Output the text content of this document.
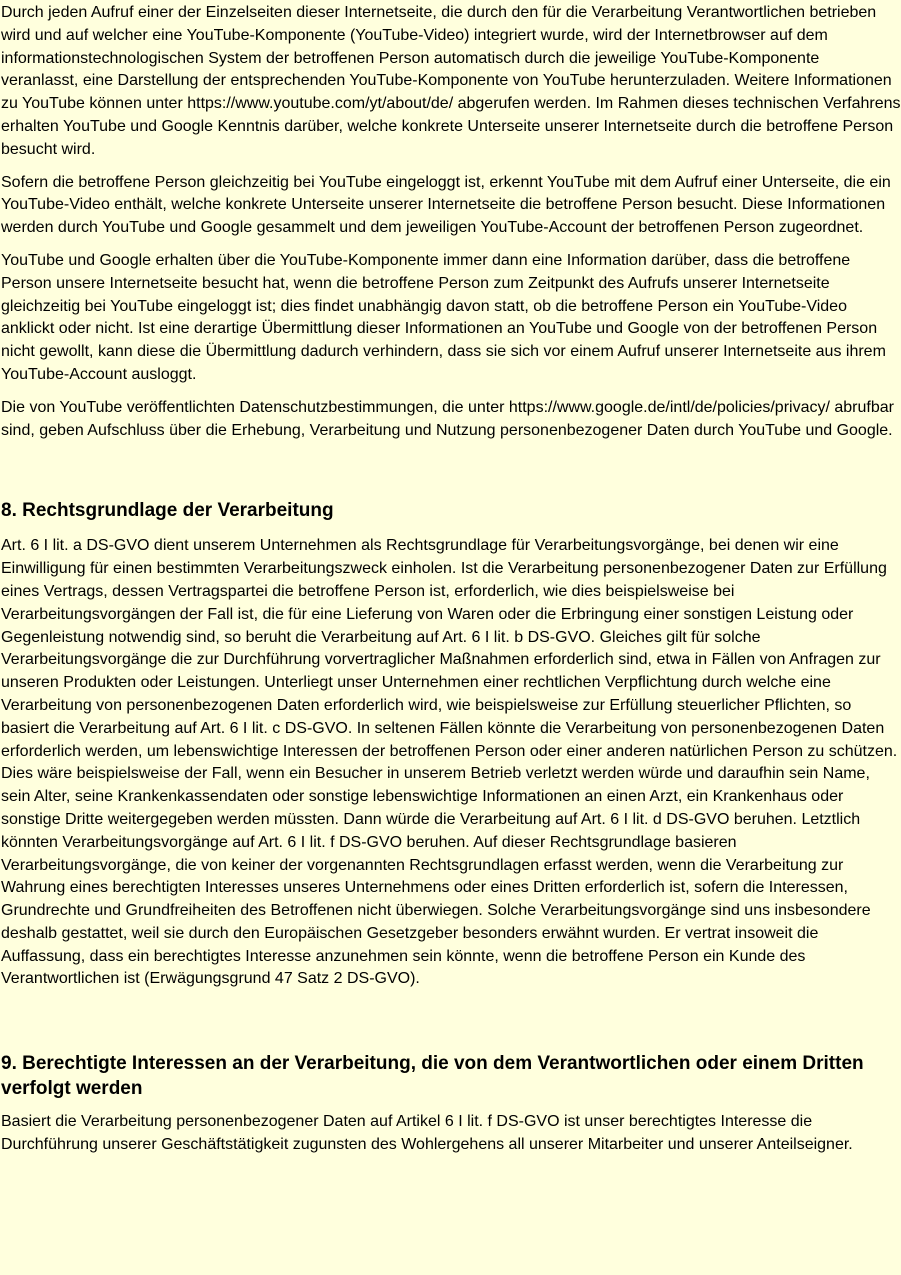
Durch jeden Aufruf einer der Einzelseiten dieser Internetseite, die durch den für die Verarbeitung Verantwortlichen betrieben wird und auf welcher eine YouTube-Komponente (YouTube-Video) integriert wurde, wird der Internetbrowser auf dem informationstechnologischen System der betroffenen Person automatisch durch die jeweilige YouTube-Komponente veranlasst, eine Darstellung der entsprechenden YouTube-Komponente von YouTube herunterzuladen. Weitere Informationen zu YouTube können unter https://www.youtube.com/yt/about/de/ abgerufen werden. Im Rahmen dieses technischen Verfahrens erhalten YouTube und Google Kenntnis darüber, welche konkrete Unterseite unserer Internetseite durch die betroffene Person besucht wird.

Sofern die betroffene Person gleichzeitig bei YouTube eingeloggt ist, erkennt YouTube mit dem Aufruf einer Unterseite, die ein YouTube-Video enthält, welche konkrete Unterseite unserer Internetseite die betroffene Person besucht. Diese Informationen werden durch YouTube und Google gesammelt und dem jeweiligen YouTube-Account der betroffenen Person zugeordnet.

YouTube und Google erhalten über die YouTube-Komponente immer dann eine Information darüber, dass die betroffene Person unsere Internetseite besucht hat, wenn die betroffene Person zum Zeitpunkt des Aufrufs unserer Internetseite gleichzeitig bei YouTube eingeloggt ist; dies findet unabhängig davon statt, ob die betroffene Person ein YouTube-Video anklickt oder nicht. Ist eine derartige Übermittlung dieser Informationen an YouTube und Google von der betroffenen Person nicht gewollt, kann diese die Übermittlung dadurch verhindern, dass sie sich vor einem Aufruf unserer Internetseite aus ihrem YouTube-Account ausloggt.

Die von YouTube veröffentlichten Datenschutzbestimmungen, die unter https://www.google.de/intl/de/policies/privacy/ abrufbar sind, geben Aufschluss über die Erhebung, Verarbeitung und Nutzung personenbezogener Daten durch YouTube und Google.

8. Rechtsgrundlage der Verarbeitung

Art. 6 I lit. a DS-GVO dient unserem Unternehmen als Rechtsgrundlage für Verarbeitungsvorgänge, bei denen wir eine Einwilligung für einen bestimmten Verarbeitungszweck einholen. Ist die Verarbeitung personenbezogener Daten zur Erfüllung eines Vertrags, dessen Vertragspartei die betroffene Person ist, erforderlich, wie dies beispielsweise bei Verarbeitungsvorgängen der Fall ist, die für eine Lieferung von Waren oder die Erbringung einer sonstigen Leistung oder Gegenleistung notwendig sind, so beruht die Verarbeitung auf Art. 6 I lit. b DS-GVO. Gleiches gilt für solche Verarbeitungsvorgänge die zur Durchführung vorvertraglicher Maßnahmen erforderlich sind, etwa in Fällen von Anfragen zur unseren Produkten oder Leistungen. Unterliegt unser Unternehmen einer rechtlichen Verpflichtung durch welche eine Verarbeitung von personenbezogenen Daten erforderlich wird, wie beispielsweise zur Erfüllung steuerlicher Pflichten, so basiert die Verarbeitung auf Art. 6 I lit. c DS-GVO. In seltenen Fällen könnte die Verarbeitung von personenbezogenen Daten erforderlich werden, um lebenswichtige Interessen der betroffenen Person oder einer anderen natürlichen Person zu schützen. Dies wäre beispielsweise der Fall, wenn ein Besucher in unserem Betrieb verletzt werden würde und daraufhin sein Name, sein Alter, seine Krankenkassendaten oder sonstige lebenswichtige Informationen an einen Arzt, ein Krankenhaus oder sonstige Dritte weitergegeben werden müssten. Dann würde die Verarbeitung auf Art. 6 I lit. d DS-GVO beruhen. Letztlich könnten Verarbeitungsvorgänge auf Art. 6 I lit. f DS-GVO beruhen. Auf dieser Rechtsgrundlage basieren Verarbeitungsvorgänge, die von keiner der vorgenannten Rechtsgrundlagen erfasst werden, wenn die Verarbeitung zur Wahrung eines berechtigten Interesses unseres Unternehmens oder eines Dritten erforderlich ist, sofern die Interessen, Grundrechte und Grundfreiheiten des Betroffenen nicht überwiegen. Solche Verarbeitungsvorgänge sind uns insbesondere deshalb gestattet, weil sie durch den Europäischen Gesetzgeber besonders erwähnt wurden. Er vertrat insoweit die Auffassung, dass ein berechtigtes Interesse anzunehmen sein könnte, wenn die betroffene Person ein Kunde des Verantwortlichen ist (Erwägungsgrund 47 Satz 2 DS-GVO).

9. Berechtigte Interessen an der Verarbeitung, die von dem Verantwortlichen oder einem Dritten verfolgt werden

Basiert die Verarbeitung personenbezogener Daten auf Artikel 6 I lit. f DS-GVO ist unser berechtigtes Interesse die Durchführung unserer Geschäftstätigkeit zugunsten des Wohlergehens all unserer Mitarbeiter und unserer Anteilseigner.
